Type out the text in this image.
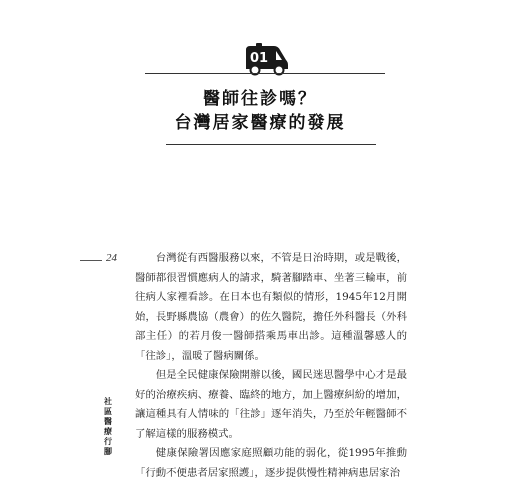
01
醫師往診嗎？
台灣居家醫療的發展
24
社區醫療行腳

台灣從有西醫服務以來，不管是日治時期，或是戰後，醫師都很習慣應病人的請求，騎著腳踏車、坐著三輪車，前往病人家裡看診。在日本也有類似的情形，1945年12月開始，長野縣農協（農會）的佐久醫院，擔任外科醫長（外科部主任）的若月俊一醫師搭乘馬車出診。這種溫馨感人的「往診」，溫暖了醫病關係。

但是全民健康保險開辦以後，國民迷思醫學中心才是最好的治療疾病、療養、臨終的地方，加上醫療糾紛的增加，讓這種具有人情味的「往診」逐年消失，乃至於年輕醫師不了解這樣的服務模式。

健康保險署因應家庭照顧功能的弱化，從1995年推動「行動不便患者居家照護」，逐步提供慢性精神病患居家治
